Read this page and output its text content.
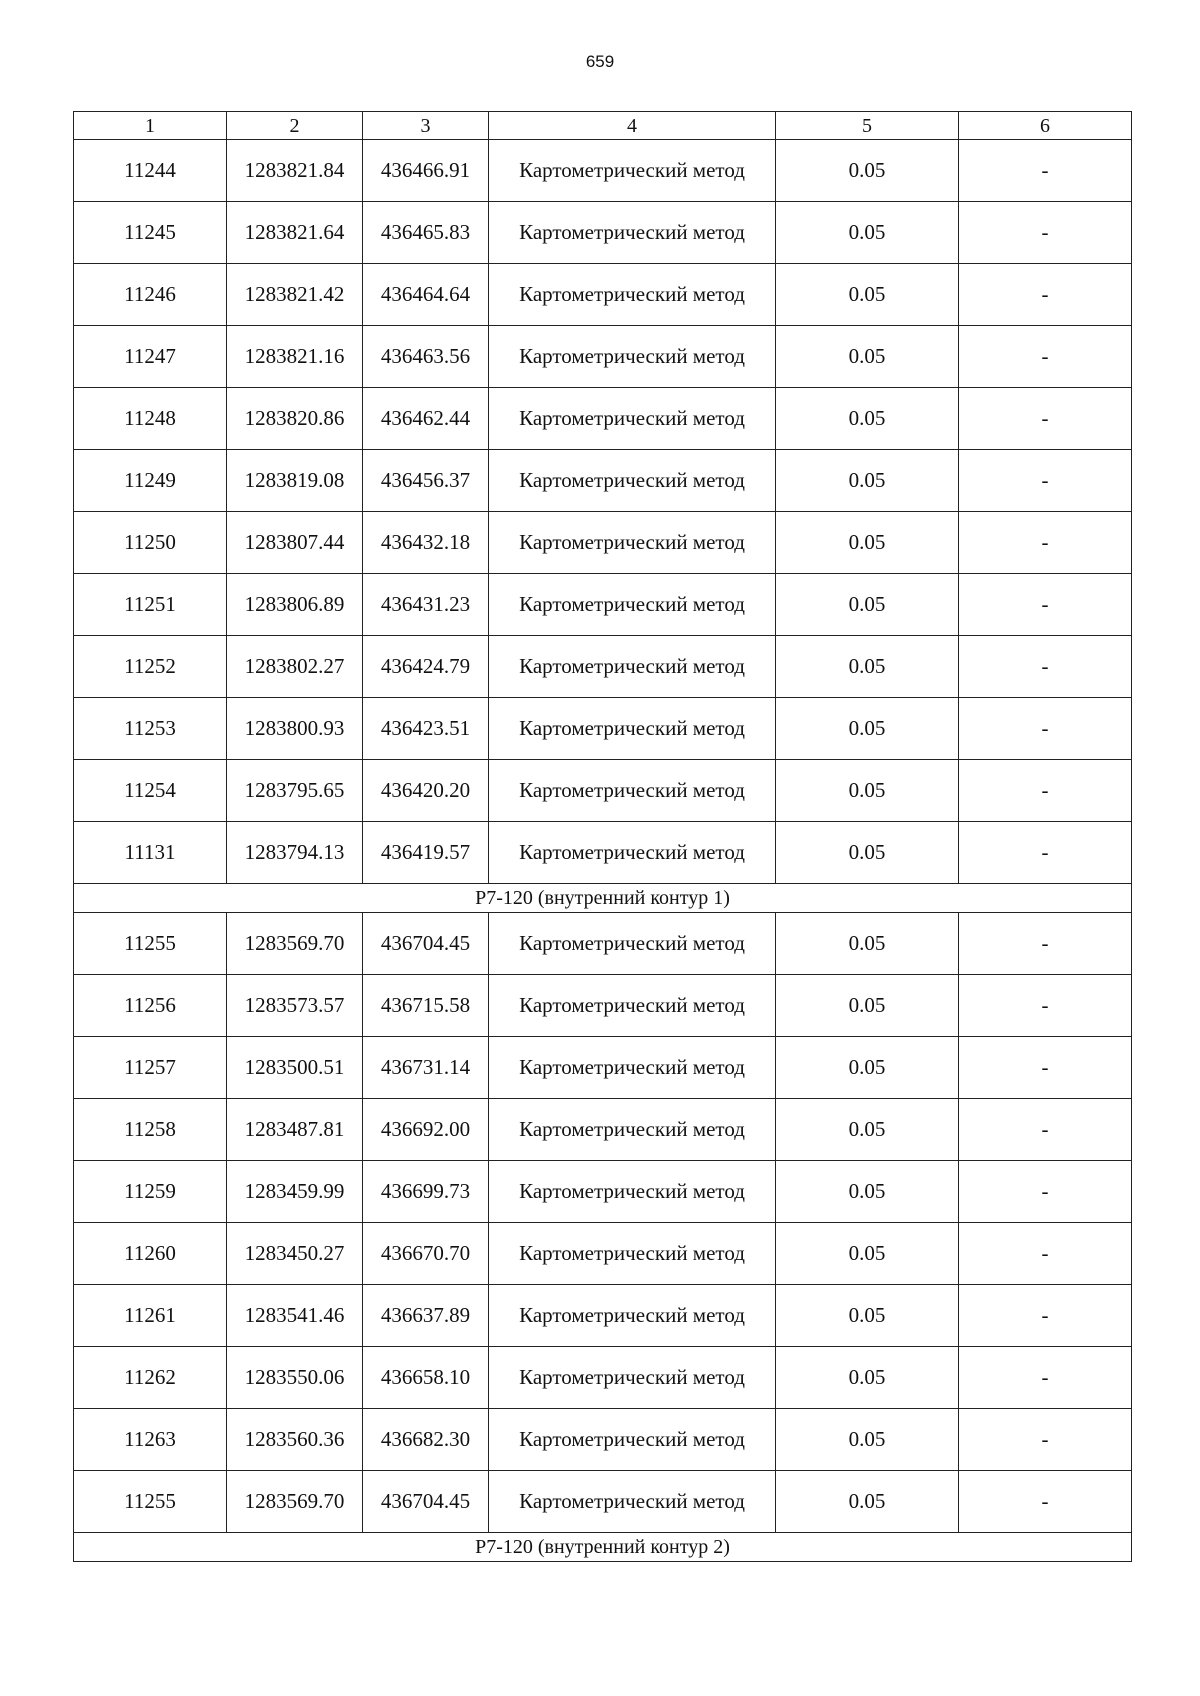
659
1	2	3	4	5	6
11244	1283821.84	436466.91	Картометрический метод	0.05	-
11245	1283821.64	436465.83	Картометрический метод	0.05	-
11246	1283821.42	436464.64	Картометрический метод	0.05	-
11247	1283821.16	436463.56	Картометрический метод	0.05	-
11248	1283820.86	436462.44	Картометрический метод	0.05	-
11249	1283819.08	436456.37	Картометрический метод	0.05	-
11250	1283807.44	436432.18	Картометрический метод	0.05	-
11251	1283806.89	436431.23	Картометрический метод	0.05	-
11252	1283802.27	436424.79	Картометрический метод	0.05	-
11253	1283800.93	436423.51	Картометрический метод	0.05	-
11254	1283795.65	436420.20	Картометрический метод	0.05	-
11131	1283794.13	436419.57	Картометрический метод	0.05	-
Р7-120 (внутренний контур 1)					
11255	1283569.70	436704.45	Картометрический метод	0.05	-
11256	1283573.57	436715.58	Картометрический метод	0.05	-
11257	1283500.51	436731.14	Картометрический метод	0.05	-
11258	1283487.81	436692.00	Картометрический метод	0.05	-
11259	1283459.99	436699.73	Картометрический метод	0.05	-
11260	1283450.27	436670.70	Картометрический метод	0.05	-
11261	1283541.46	436637.89	Картометрический метод	0.05	-
11262	1283550.06	436658.10	Картометрический метод	0.05	-
11263	1283560.36	436682.30	Картометрический метод	0.05	-
11255	1283569.70	436704.45	Картометрический метод	0.05	-
Р7-120 (внутренний контур 2)					
